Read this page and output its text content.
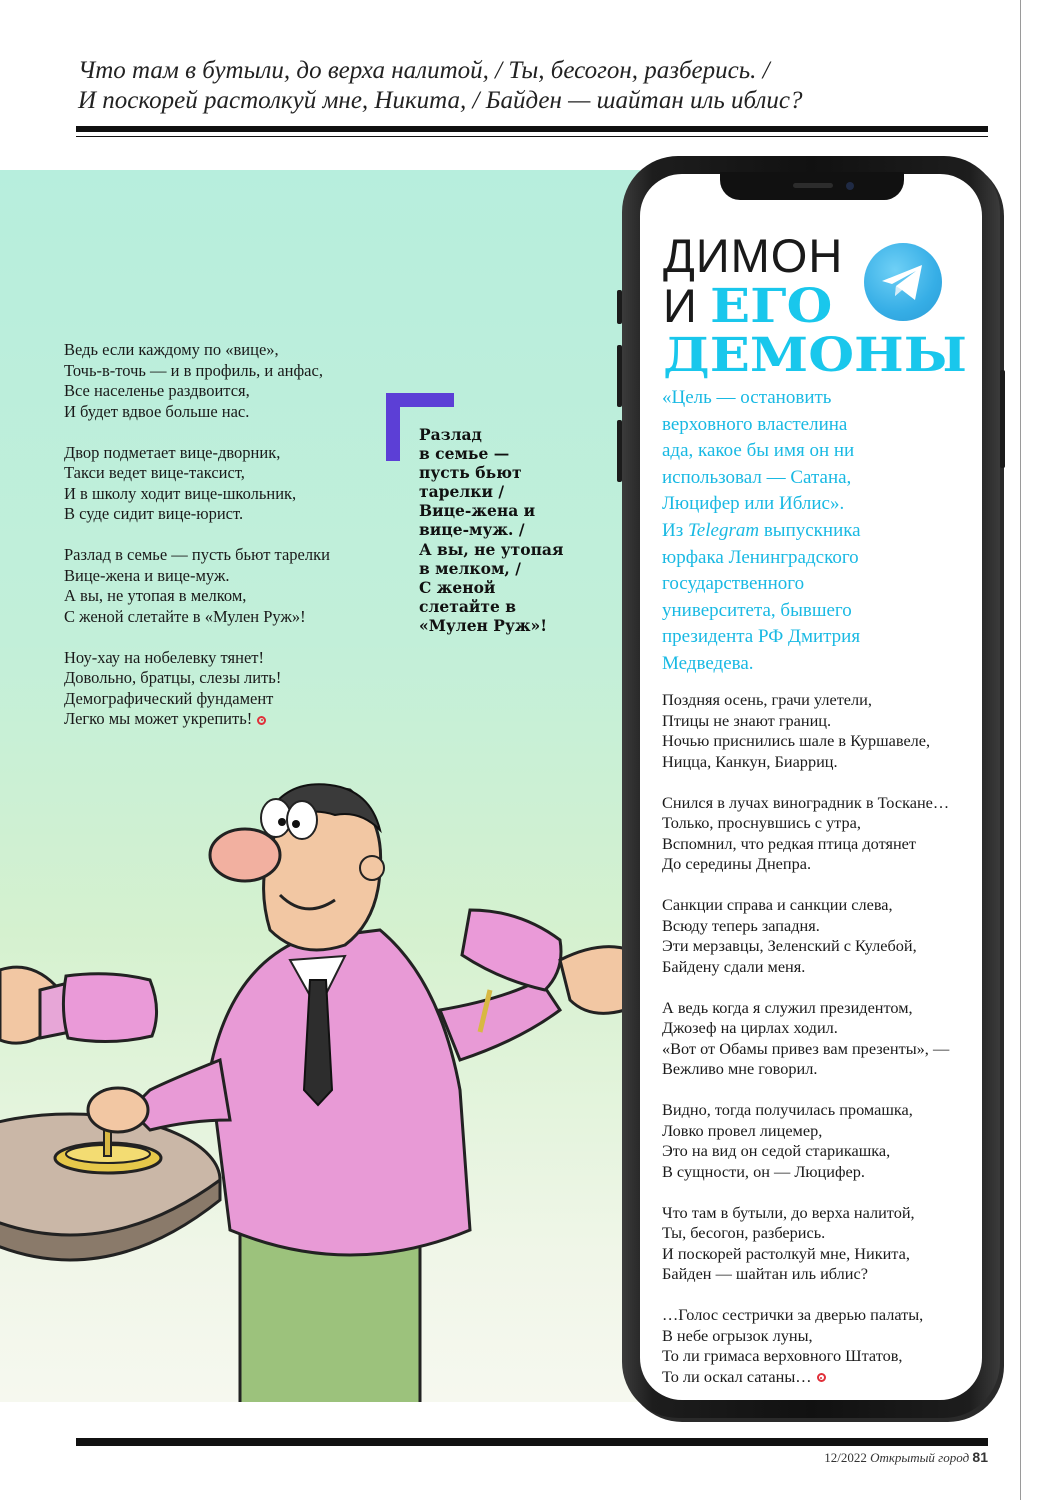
Что там в бутыли, до верха налитой, / Ты, бесогон, разберись. /
И поскорей растолкуй мне, Никита, / Байден — шайтан иль иблис?
Ведь если каждому по «вице»,
Точь-в-точь — и в профиль, и анфас,
Все населенье раздвоится,
И будет вдвое больше нас.
Двор подметает вице-дворник,
Такси ведет вице-таксист,
И в школу ходит вице-школьник,
В суде сидит вице-юрист.
Разлад в семье — пусть бьют тарелки
Вице-жена и вице-муж.
А вы, не утопая в мелком,
С женой слетайте в «Мулен Руж»!
Ноу-хау на нобелевку тянет!
Довольно, братцы, слезы лить!
Демографический фундамент
Легко мы может укрепить!
Разлад
в семье —
пусть бьют
тарелки /
Вице-жена и
вице-муж. /
А вы, не утопая
в мелком, /
С женой
слетайте в
«Мулен Руж»!
ДИМОН
И ЕГО
ДЕМОНЫ
«Цель — остановить
верховного властелина
ада, какое бы имя он ни
использовал — Сатана,
Люцифер или Иблис».
Из Telegram выпускника
юрфака Ленинградского
государственного
университета, бывшего
президента РФ Дмитрия
Медведева.
Поздняя осень, грачи улетели,
Птицы не знают границ.
Ночью приснились шале в Куршавеле,
Ницца, Канкун, Биарриц.
Снился в лучах виноградник в Тоскане…
Только, проснувшись с утра,
Вспомнил, что редкая птица дотянет
До середины Днепра.
Санкции справа и санкции слева,
Всюду теперь западня.
Эти мерзавцы, Зеленский с Кулебой,
Байдену сдали меня.
А ведь когда я служил президентом,
Джозеф на цирлах ходил.
«Вот от Обамы привез вам презенты», —
Вежливо мне говорил.
Видно, тогда получилась промашка,
Ловко провел лицемер,
Это на вид он седой старикашка,
В сущности, он — Люцифер.
Что там в бутыли, до верха налитой,
Ты, бесогон, разберись.
И поскорей растолкуй мне, Никита,
Байден — шайтан иль иблис?
…Голос сестрички за дверью палаты,
В небе огрызок луны,
То ли гримаса верховного Штатов,
То ли оскал сатаны…
12/2022 Открытый город 81
